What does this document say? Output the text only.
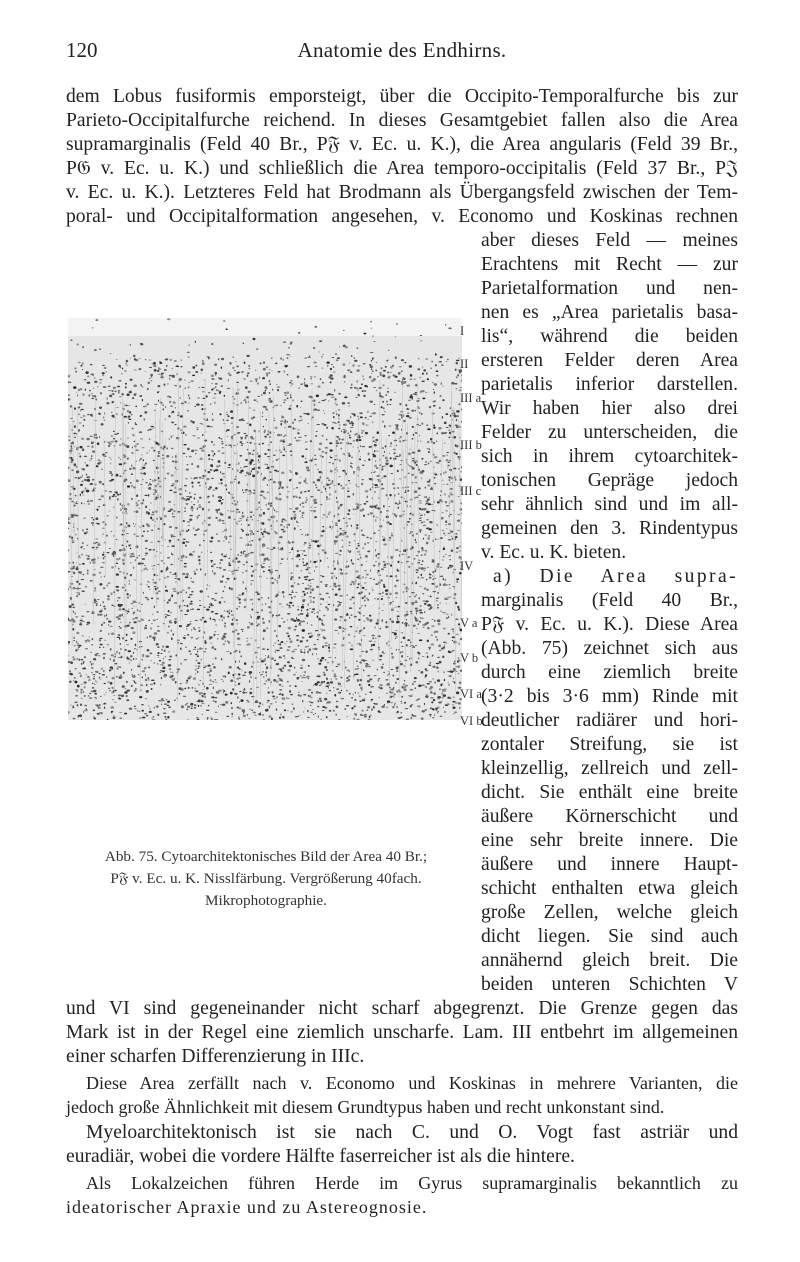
120	Anatomie des Endhirns.
dem Lobus fusiformis emporsteigt, über die Occipito-Temporalfurche bis zur
Parieto-Occipitalfurche reichend. In dieses Gesamtgebiet fallen also die Area
supramarginalis (Feld 40 Br., P𝔉 v. Ec. u. K.), die Area angularis (Feld 39 Br.,
P𝔊 v. Ec. u. K.) und schließlich die Area temporo-occipitalis (Feld 37 Br., P𝔍
v. Ec. u. K.). Letzteres Feld hat Brodmann als Übergangsfeld zwischen der Tem-
poral- und Occipitalformation angesehen, v. Economo und Koskinas rechnen
I
II
III a
III b
III c
IV
V a
V b
VI a
VI b
aber dieses Feld — meines
Erachtens mit Recht — zur
Parietalformation und nen-
nen es „Area parietalis basa-
lis“, während die beiden
ersteren Felder deren Area
parietalis inferior darstellen.
Wir haben hier also drei
Felder zu unterscheiden, die
sich in ihrem cytoarchitek-
tonischen Gepräge jedoch
sehr ähnlich sind und im all-
gemeinen den 3. Rindentypus
v. Ec. u. K. bieten.
a) Die Area supra-
marginalis (Feld 40 Br.,
P𝔉 v. Ec. u. K.). Diese Area
(Abb. 75) zeichnet sich aus
durch eine ziemlich breite
(3·2 bis 3·6 mm) Rinde mit
deutlicher radiärer und hori-
zontaler Streifung, sie ist
kleinzellig, zellreich und zell-
dicht. Sie enthält eine breite
äußere Körnerschicht und
eine sehr breite innere. Die
äußere und innere Haupt-
schicht enthalten etwa gleich
große Zellen, welche gleich
dicht liegen. Sie sind auch
annähernd gleich breit. Die
beiden unteren Schichten V
Abb. 75. Cytoarchitektonisches Bild der Area 40 Br.;
P𝔉 v. Ec. u. K. Nisslfärbung. Vergrößerung 40fach.
Mikrophotographie.
und VI sind gegeneinander nicht scharf abgegrenzt. Die Grenze gegen das
Mark ist in der Regel eine ziemlich unscharfe. Lam. III entbehrt im allgemeinen
einer scharfen Differenzierung in IIIc.
Diese Area zerfällt nach v. Economo und Koskinas in mehrere Varianten, die
jedoch große Ähnlichkeit mit diesem Grundtypus haben und recht unkonstant sind.
Myeloarchitektonisch ist sie nach C. und O. Vogt fast astriär und
euradiär, wobei die vordere Hälfte faserreicher ist als die hintere.
Als Lokalzeichen führen Herde im Gyrus supramarginalis bekanntlich zu
ideatorischer Apraxie und zu Astereognosie.
